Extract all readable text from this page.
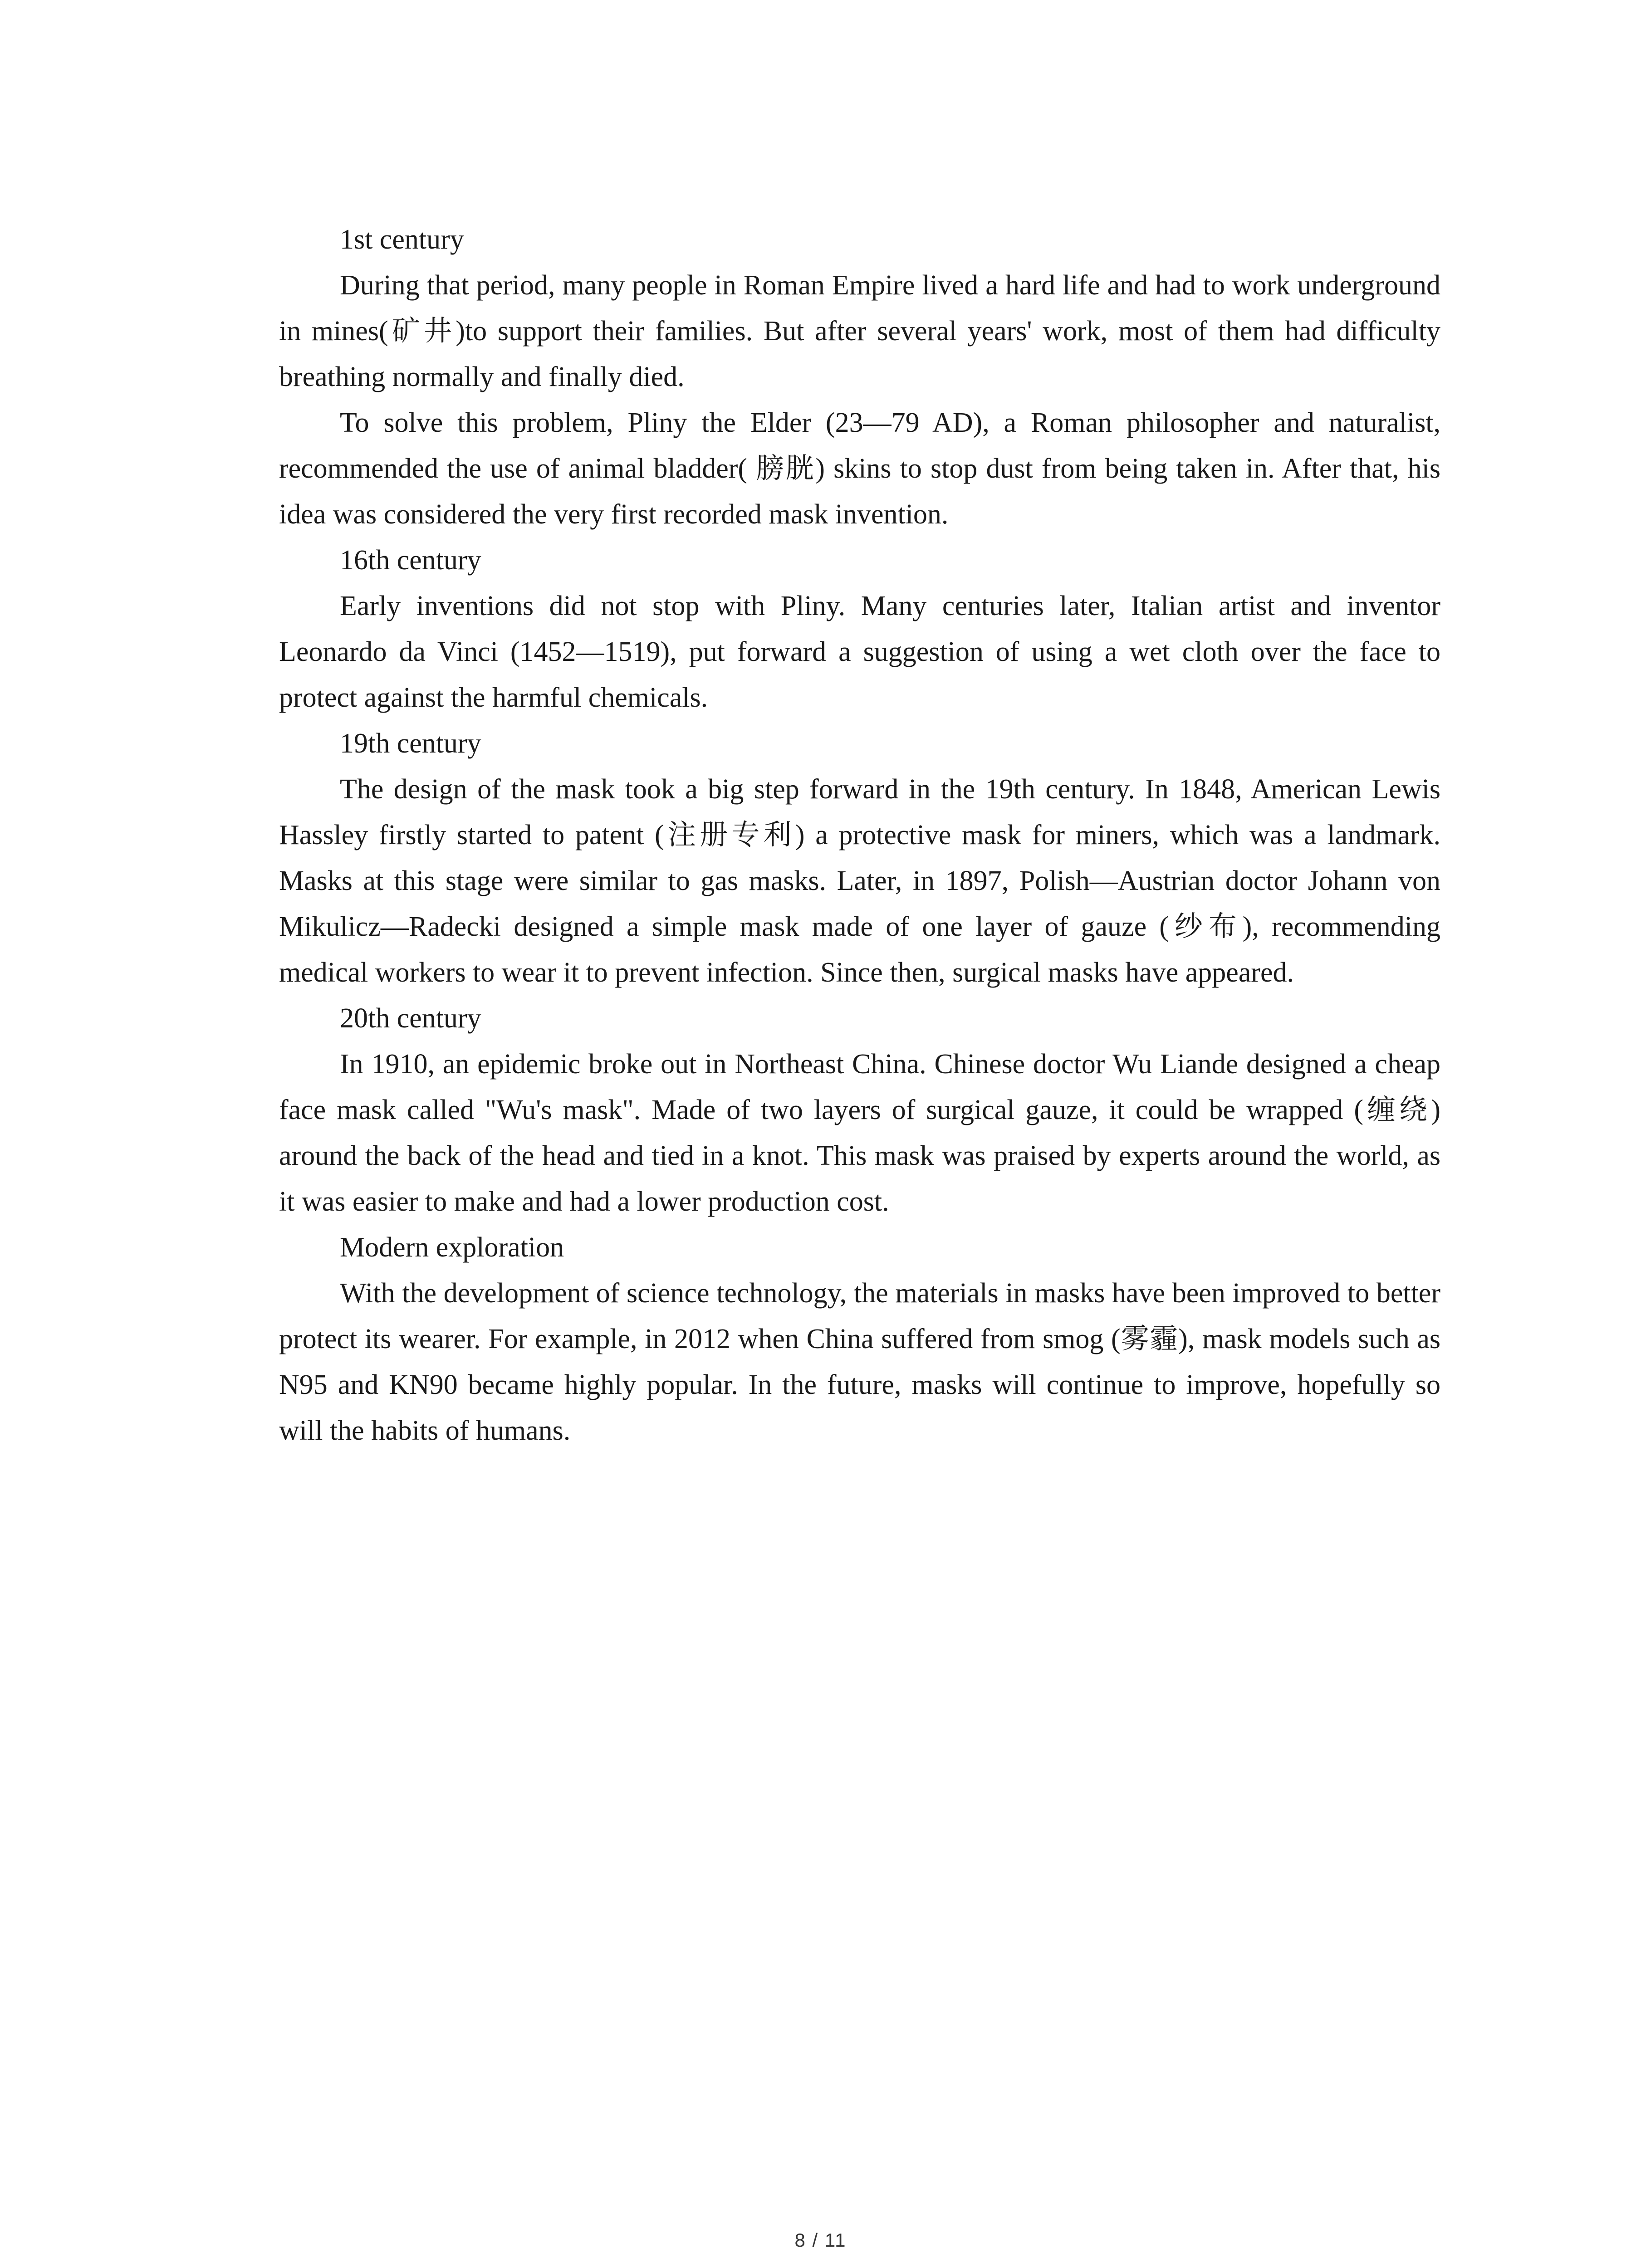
1st century

During that period, many people in Roman Empire lived a hard life and had to work underground in mines(矿井)to support their families. But after several years' work, most of them had difficulty breathing normally and finally died.

To solve this problem, Pliny the Elder (23—79 AD), a Roman philosopher and naturalist, recommended the use of animal bladder( 膀胱) skins to stop dust from being taken in. After that, his idea was considered the very first recorded mask invention.

16th century

Early inventions did not stop with Pliny. Many centuries later, Italian artist and inventor Leonardo da Vinci (1452—1519), put forward a suggestion of using a wet cloth over the face to protect against the harmful chemicals.

19th century

The design of the mask took a big step forward in the 19th century. In 1848, American Lewis Hassley firstly started to patent (注册专利) a protective mask for miners, which was a landmark. Masks at this stage were similar to gas masks. Later, in 1897, Polish—Austrian doctor Johann von Mikulicz—Radecki designed a simple mask made of one layer of gauze (纱布), recommending medical workers to wear it to prevent infection. Since then, surgical masks have appeared.

20th century

In 1910, an epidemic broke out in Northeast China. Chinese doctor Wu Liande designed a cheap face mask called "Wu's mask". Made of two layers of surgical gauze, it could be wrapped (缠绕) around the back of the head and tied in a knot. This mask was praised by experts around the world, as it was easier to make and had a lower production cost.

Modern exploration

With the development of science technology, the materials in masks have been improved to better protect its wearer. For example, in 2012 when China suffered from smog (雾霾), mask models such as N95 and KN90 became highly popular. In the future, masks will continue to improve, hopefully so will the habits of humans.

8 / 11
